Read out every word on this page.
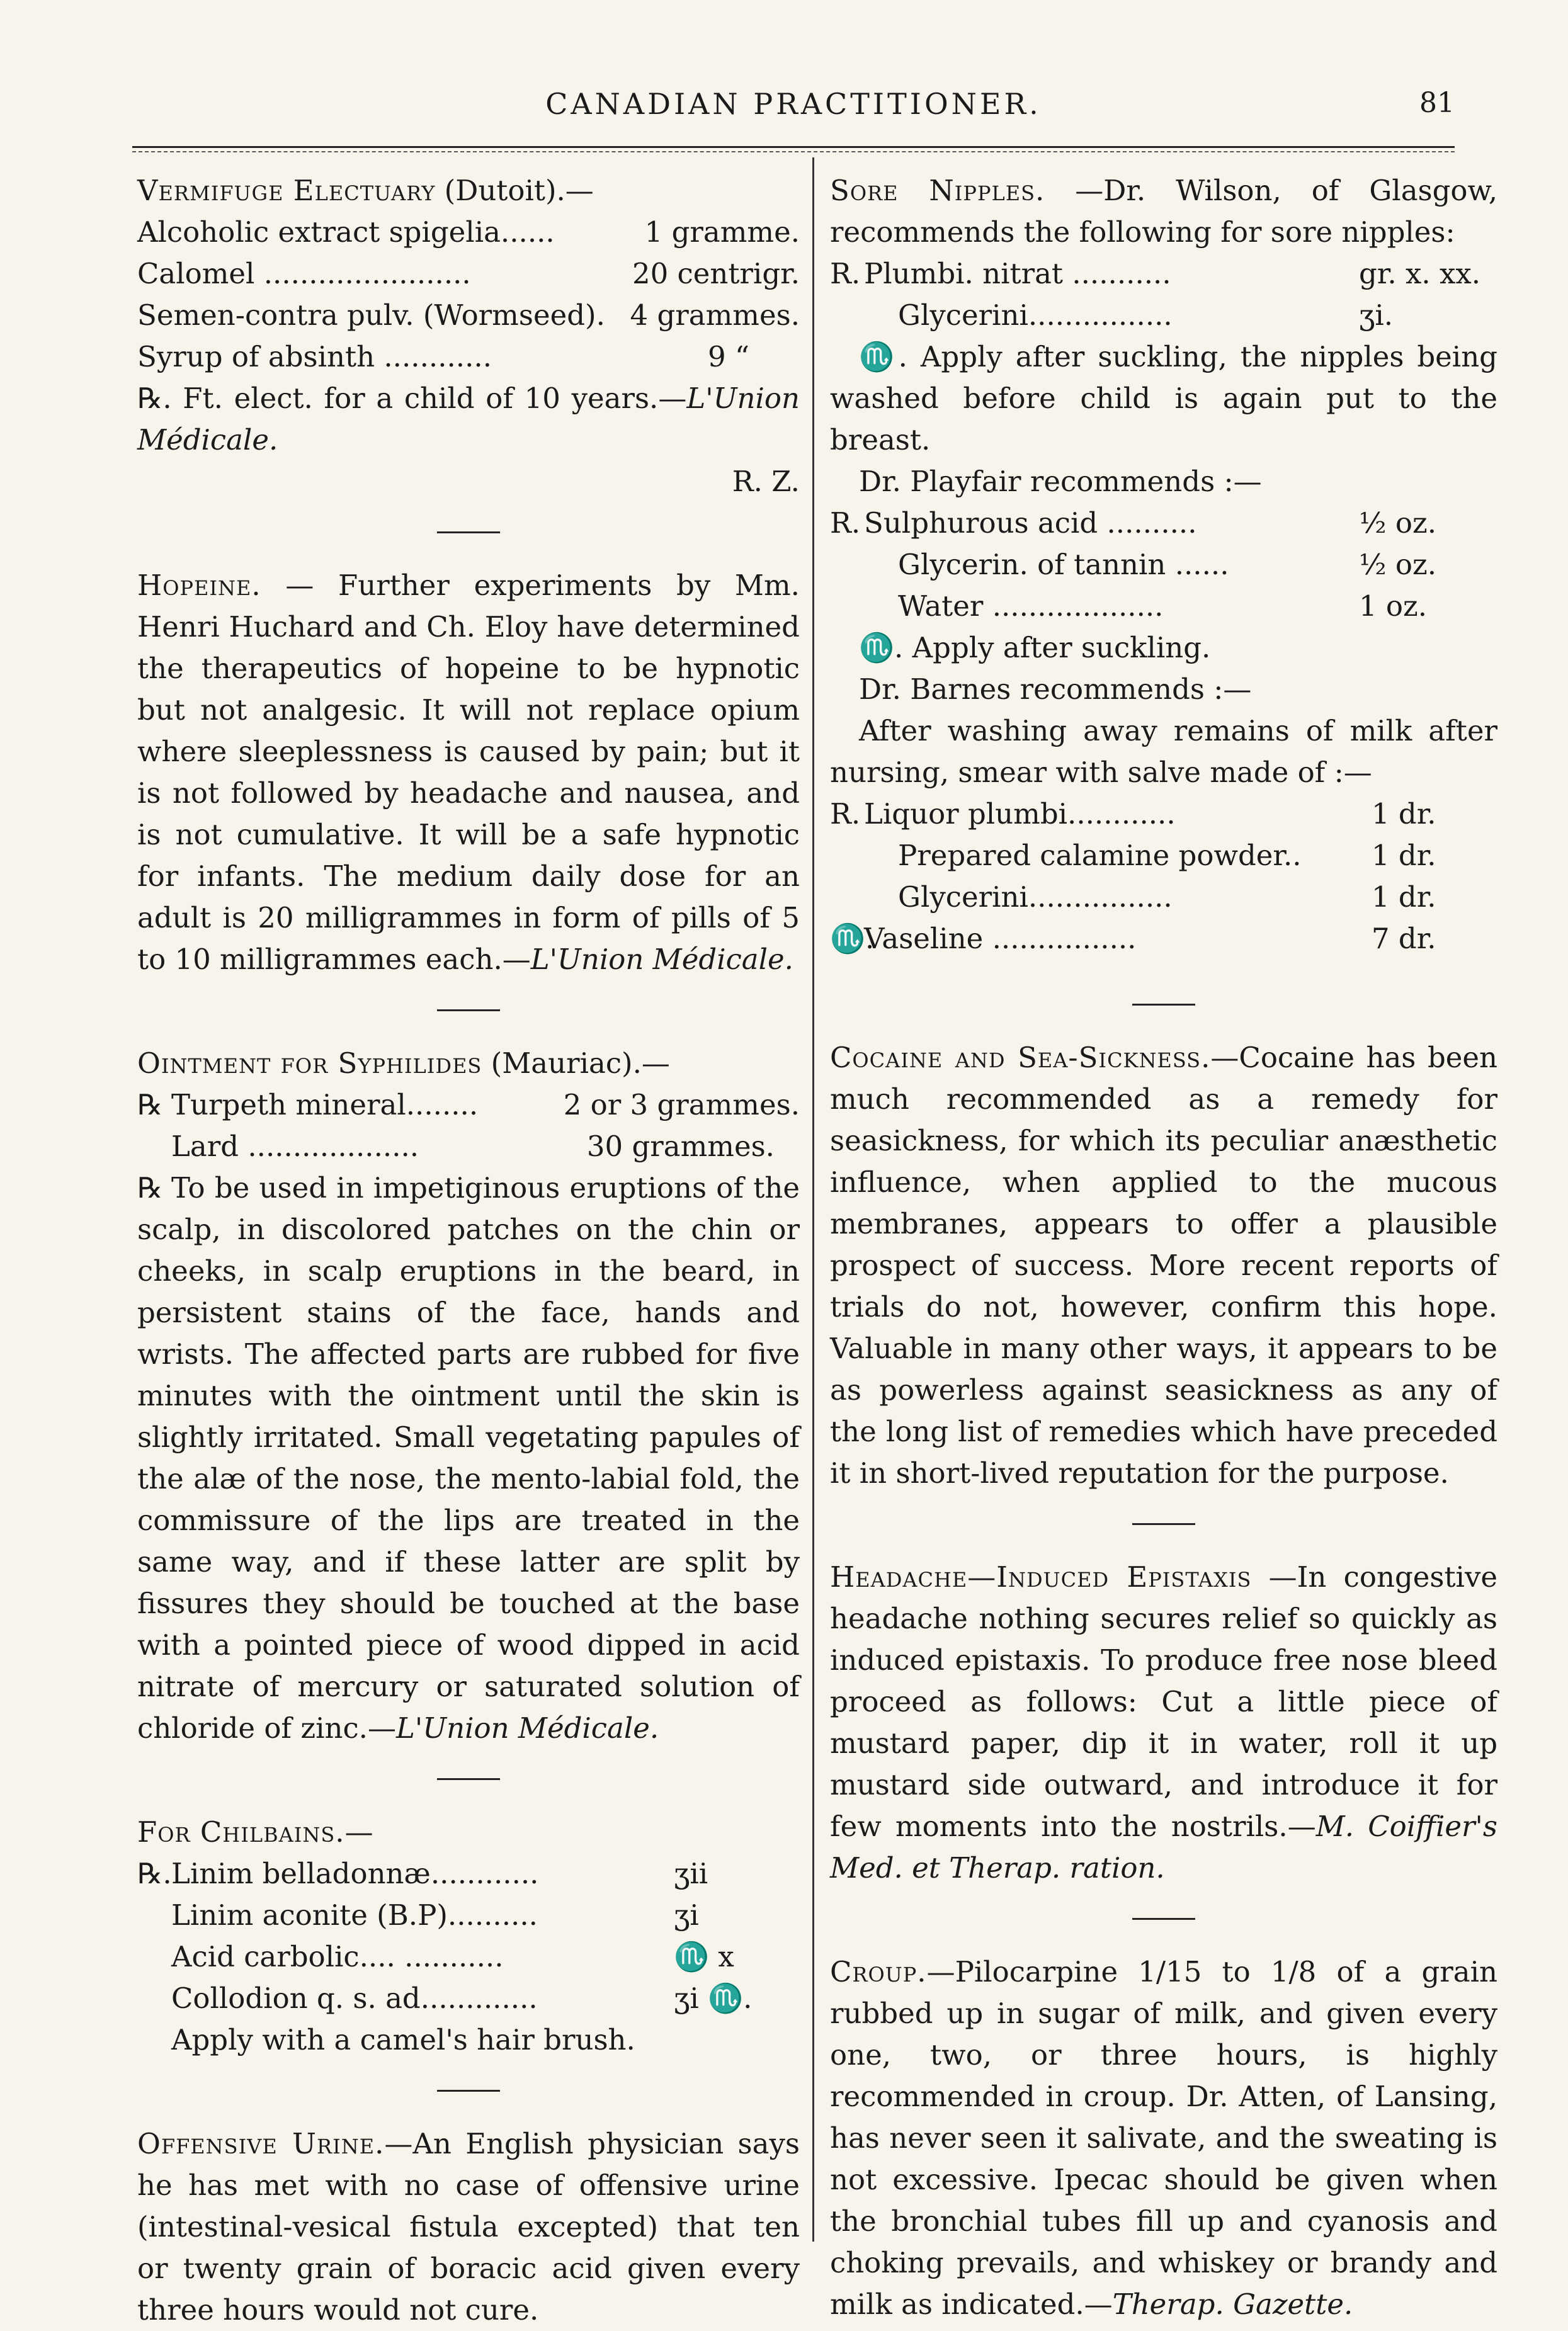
CANADIAN PRACTITIONER.	81

Vermifuge Electuary (Dutoit).—

Alcoholic extract spigelia......	1 gramme.

Calomel .......................	20 centrigr.

Semen-contra pulv. (Wormseed). 4 grammes.

Syrup of absinth ............	9 “

℞. Ft. elect. for a child of 10 years.—L'Union Médicale.
R. Z.

Hopeine. — Further experiments by Mm. Henri Huchard and Ch. Eloy have determined the therapeutics of hopeine to be hypnotic but not analgesic. It will not replace opium where sleeplessness is caused by pain; but it is not followed by headache and nausea, and is not cumulative. It will be a safe hypnotic for infants. The medium daily dose for an adult is 20 milligrammes in form of pills of 5 to 10 milligrammes each.—L'Union Médicale.

Ointment for Syphilides (Mauriac).—

℞ Turpeth mineral........	2 or 3 grammes.
Lard ...................	30 grammes.

℞ To be used in impetiginous eruptions of the scalp, in discolored patches on the chin or cheeks, in scalp eruptions in the beard, in persistent stains of the face, hands and wrists. The affected parts are rubbed for five minutes with the ointment until the skin is slightly irritated. Small vegetating papules of the alæ of the nose, the mento-labial fold, the commissure of the lips are treated in the same way, and if these latter are split by fissures they should be touched at the base with a pointed piece of wood dipped in acid nitrate of mercury or saturated solution of chloride of zinc.—L'Union Médicale.

For Chilbains.—

℞. Linim belladonnæ............	ʒii
Linim aconite (B.P)..........	ʒi
Acid carbolic.... ...........	♏ x
Collodion q. s. ad.............	ʒi ♏.

Apply with a camel's hair brush.

Offensive Urine.—An English physician says he has met with no case of offensive urine (intestinal-vesical fistula excepted) that ten or twenty grain of boracic acid given every three hours would not cure.

Sore Nipples. —Dr. Wilson, of Glasgow, recommends the following for sore nipples:

R. Plumbi. nitrat ...........	gr. x. xx.
Glycerini................	ʒi.

♏. Apply after suckling, the nipples being washed before child is again put to the breast.

Dr. Playfair recommends :—

R. Sulphurous acid ..........	½ oz.
Glycerin. of tannin ......	½ oz.
Water ...................	1 oz.

♏. Apply after suckling.

Dr. Barnes recommends :—

After washing away remains of milk after nursing, smear with salve made of :—

R. Liquor plumbi............	1 dr.
Prepared calamine powder..	1 dr.
Glycerini................	1 dr.
♏.
Vaseline ................	7 dr.

Cocaine and Sea-Sickness.—Cocaine has been much recommended as a remedy for seasickness, for which its peculiar anæsthetic influence, when applied to the mucous membranes, appears to offer a plausible prospect of success. More recent reports of trials do not, however, confirm this hope. Valuable in many other ways, it appears to be as powerless against seasickness as any of the long list of remedies which have preceded it in short-lived reputation for the purpose.

Headache—Induced Epistaxis —In congestive headache nothing secures relief so quickly as induced epistaxis. To produce free nose bleed proceed as follows: Cut a little piece of mustard paper, dip it in water, roll it up mustard side outward, and introduce it for few moments into the nostrils.—M. Coiffier's Med. et Therap. ration.

Croup.—Pilocarpine 1/15 to 1/8 of a grain rubbed up in sugar of milk, and given every one, two, or three hours, is highly recommended in croup. Dr. Atten, of Lansing, has never seen it salivate, and the sweating is not excessive. Ipecac should be given when the bronchial tubes fill up and cyanosis and choking prevails, and whiskey or brandy and milk as indicated.—Therap. Gazette.
